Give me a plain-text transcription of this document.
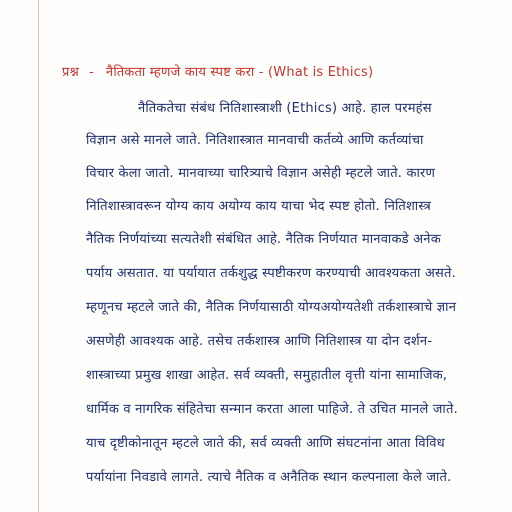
प्रश्न - नैतिकता म्हणजे काय स्पष्ट करा - (What is Ethics)
नैतिकतेचा संबंध नितिशास्त्राशी (Ethics) आहे. हाल परमहंस
विज्ञान असे मानले जाते. नितिशास्त्रात मानवाची कर्तव्ये आणि कर्तव्यांचा
विचार केला जातो. मानवाच्या चारित्र्याचे विज्ञान असेही म्हटले जाते. कारण
नितिशास्त्रावरून योग्य काय अयोग्य काय याचा भेद स्पष्ट होतो. नितिशास्त्र
नैतिक निर्णयांच्या सत्यतेशी संबंधित आहे. नैतिक निर्णयात मानवाकडे अनेक
पर्याय असतात. या पर्यायात तर्कशुद्ध स्पष्टीकरण करण्याची आवश्यकता असते.
म्हणूनच म्हटले जाते की, नैतिक निर्णयासाठी योग्यअयोग्यतेशी तर्कशास्त्राचे ज्ञान
असणेही आवश्यक आहे. तसेच तर्कशास्त्र आणि नितिशास्त्र या दोन दर्शन-
शास्त्राच्या प्रमुख शाखा आहेत. सर्व व्यक्ती, समुहातील वृत्ती यांना सामाजिक,
धार्मिक व नागरिक संहितेचा सन्मान करता आला पाहिजे. ते उचित मानले जाते.
याच दृष्टीकोनातून म्हटले जाते की, सर्व व्यक्ती आणि संघटनांना आता विविध
पर्यायांना निवडावे लागते. त्याचे नैतिक व अनैतिक स्थान कल्पनाला केले जाते.
